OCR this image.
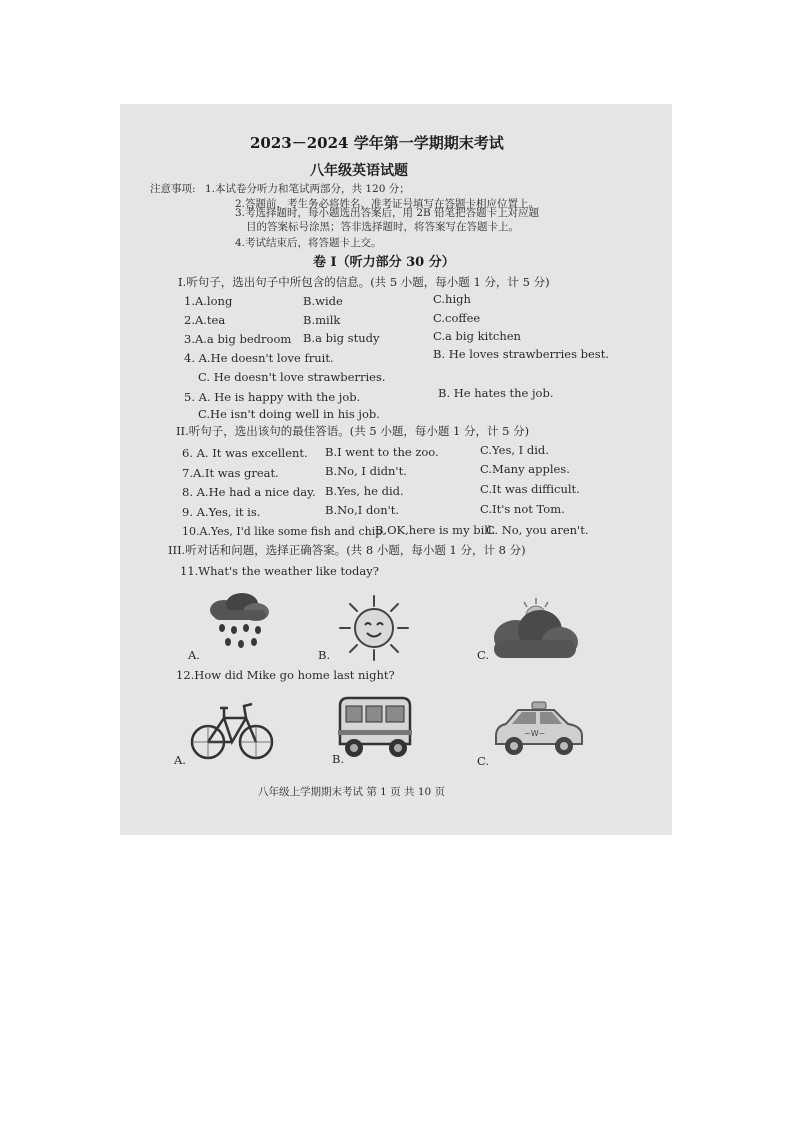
2023－2024 学年第一学期期末考试
八年级英语试题
注意事项: 1.本试卷分听力和笔试两部分，共 120 分；
2.答题前，考生务必将姓名、准考证号填写在答题卡相应位置上。
3.考选择题时，每小题选出答案后，用 2B 铅笔把答题卡上对应题
目的答案标号涂黑；答非选择题时，将答案写在答题卡上。
4.考试结束后，将答题卡上交。
卷 I（听力部分 30 分）
I.听句子，选出句子中所包含的信息。(共 5 小题，每小题 1 分，计 5 分)
1.A.long	B.wide	C.high
2.A.tea	B.milk	C.coffee
3.A.a big bedroom B.a big study	C.a big kitchen
4. A.He doesn't love fruit.	B. He loves strawberries best.
C. He doesn't love strawberries.
5. A. He is happy with the job.	B. He hates the job.
C.He isn't doing well in his job.
II.听句子，选出该句的最佳答语。(共 5 小题，每小题 1 分，计 5 分)
6. A. It was excellent. B.I went to the zoo.	C.Yes, I did.
7.A.It was great.	B.No, I didn't.	C.Many apples.
8. A.He had a nice day. B.Yes, he did.	C.It was difficult.
9. A.Yes, it is.	B.No,I don't.	C.It's not Tom.
10.A.Yes, I'd like some fish and chip.
B.OK,here is my bill.
C. No, you aren't.
III.听对话和问题，选择正确答案。(共 8 小题，每小题 1 分，计 8 分)
11.What's the weather like today?
A.	B.	C.
12.How did Mike go home last night?
~W~
A.	B.	C.
八年级上学期期末考试 第 1 页 共 10 页
